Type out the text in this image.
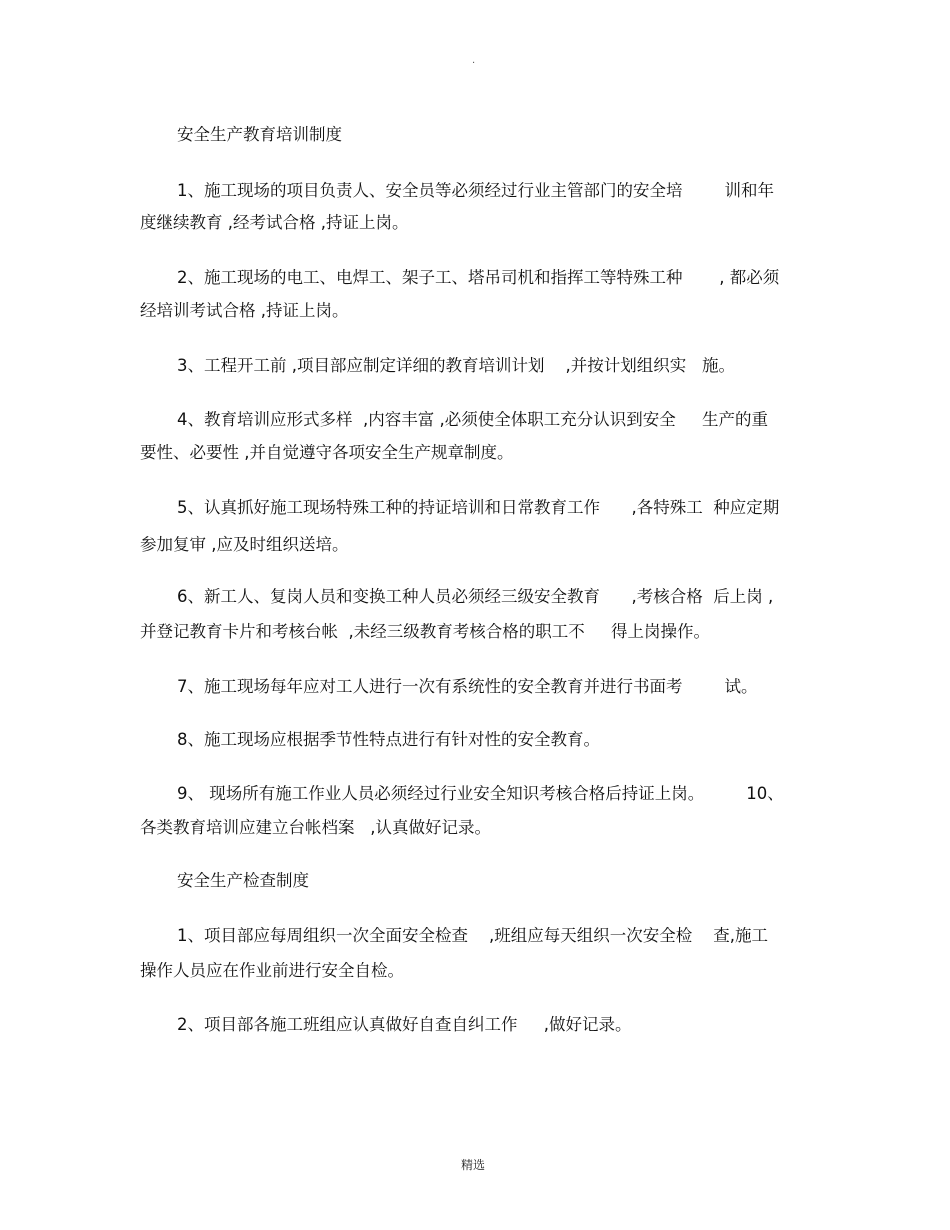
·
安全生产教育培训制度
1、施工现场的项目负责人、安全员等必须经过行业主管部门的安全培        训和年
度继续教育 ,经考试合格 ,持证上岗。
2、施工现场的电工、电焊工、架子工、塔吊司机和指挥工等特殊工种       , 都必须
经培训考试合格 ,持证上岗。
3、工程开工前 ,项目部应制定详细的教育培训计划    ,并按计划组织实   施。
4、教育培训应形式多样  ,内容丰富 ,必须使全体职工充分认识到安全     生产的重
要性、必要性 ,并自觉遵守各项安全生产规章制度。
5、认真抓好施工现场特殊工种的持证培训和日常教育工作      ,各特殊工  种应定期
参加复审 ,应及时组织送培。
6、新工人、复岗人员和变换工种人员必须经三级安全教育      ,考核合格  后上岗 ,
并登记教育卡片和考核台帐  ,未经三级教育考核合格的职工不     得上岗操作。
7、施工现场每年应对工人进行一次有系统性的安全教育并进行书面考        试。
8、施工现场应根据季节性特点进行有针对性的安全教育。
9、 现场所有施工作业人员必须经过行业安全知识考核合格后持证上岗。        10、
各类教育培训应建立台帐档案   ,认真做好记录。
安全生产检查制度
1、项目部应每周组织一次全面安全检查    ,班组应每天组织一次安全检    查,施工
操作人员应在作业前进行安全自检。
2、项目部各施工班组应认真做好自查自纠工作     ,做好记录。
精选
